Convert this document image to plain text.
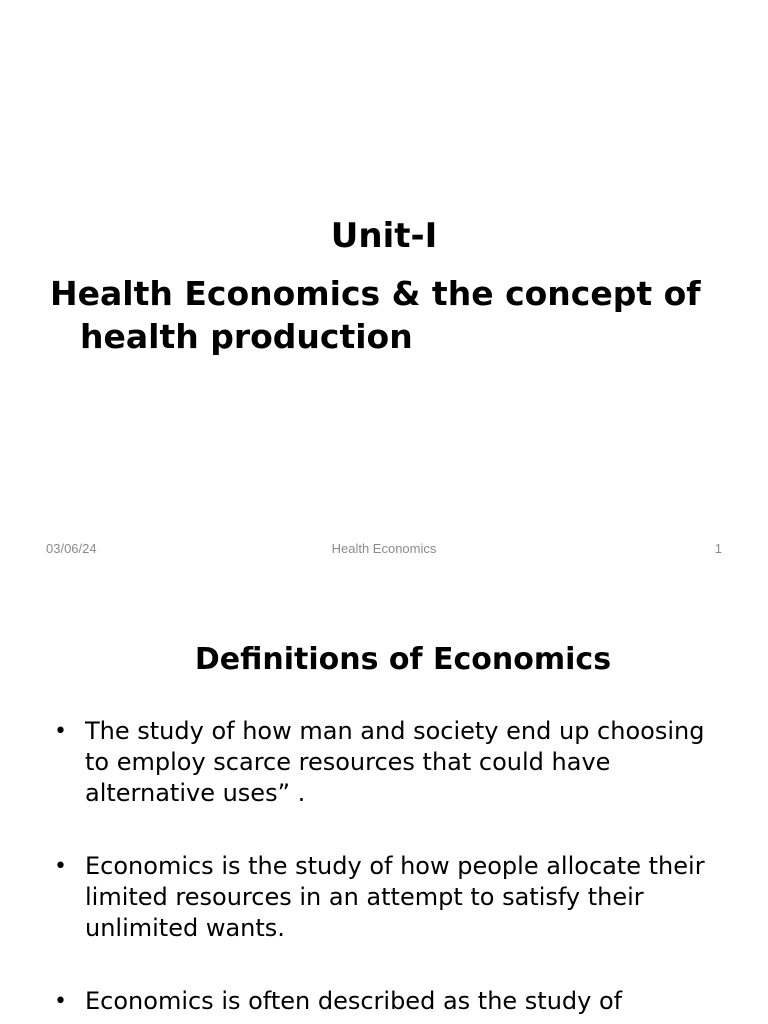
Unit-I
Health Economics & the concept of
health production
03/06/24	Health Economics	1
Definitions of Economics
• The study of how man and society end up choosing to employ scarce resources that could have alternative uses” .
• Economics is the study of how people allocate their limited resources in an attempt to satisfy their unlimited wants.
• Economics is often described as the study of
